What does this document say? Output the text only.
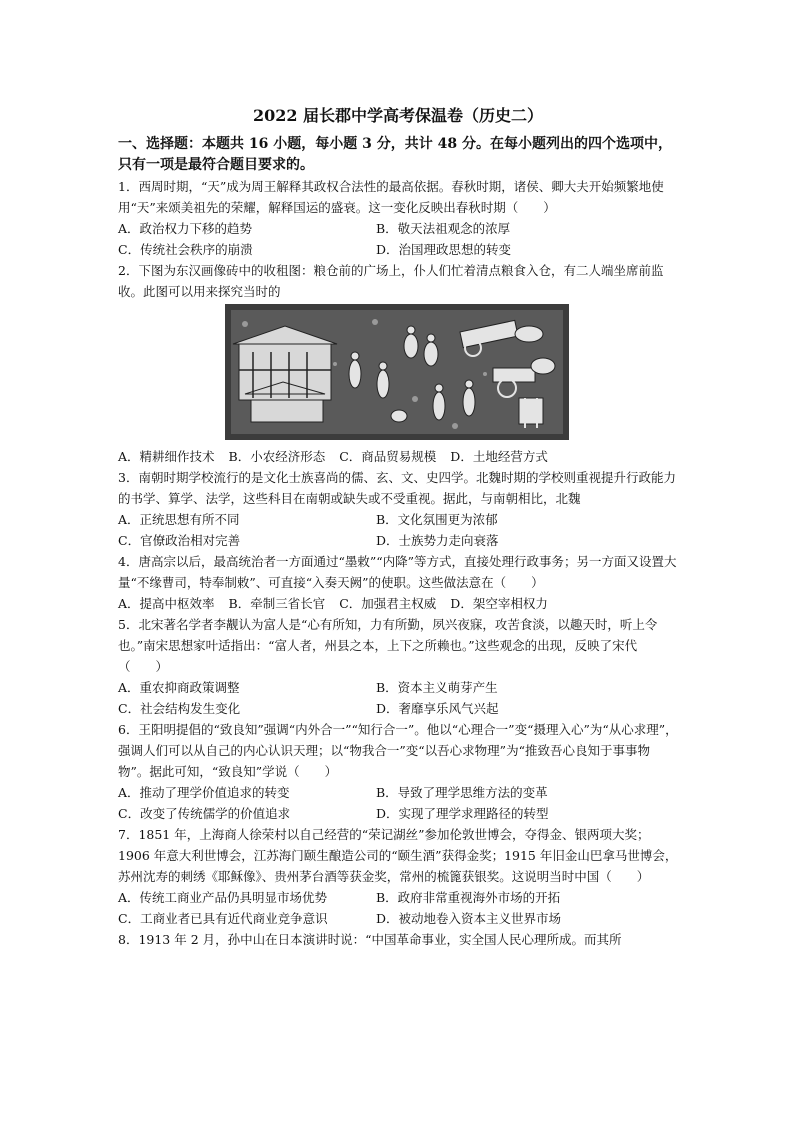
2022 届长郡中学高考保温卷（历史二）

一、选择题：本题共 16 小题，每小题 3 分，共计 48 分。在每小题列出的四个选项中，只有一项是最符合题目要求的。

1．西周时期，“天”成为周王解释其政权合法性的最高依据。春秋时期，诸侯、卿大夫开始频繁地使用“天”来颂美祖先的荣耀，解释国运的盛衰。这一变化反映出春秋时期（　　）

A．政治权力下移的趋势	B．敬天法祖观念的浓厚
C．传统社会秩序的崩溃	D．治国理政思想的转变

2．下图为东汉画像砖中的收租图：粮仓前的广场上，仆人们忙着清点粮食入仓，有二人端坐席前监收。此图可以用来探究当时的

A．精耕细作技术 B．小农经济形态 C．商品贸易规模 D．土地经营方式

3．南朝时期学校流行的是文化士族喜尚的儒、玄、文、史四学。北魏时期的学校则重视提升行政能力的书学、算学、法学，这些科目在南朝或缺失或不受重视。据此，与南朝相比，北魏

A．正统思想有所不同	B．文化氛围更为浓郁
C．官僚政治相对完善	D．士族势力走向衰落

4．唐高宗以后，最高统治者一方面通过“墨敕”“内降”等方式，直接处理行政事务；另一方面又设置大量“不缘曹司，特奉制敕”、可直接“入奏天阙”的使职。这些做法意在（　　）

A．提高中枢效率 B．牵制三省长官 C．加强君主权威 D．架空宰相权力

5．北宋著名学者李觏认为富人是“心有所知，力有所勤，夙兴夜寐，攻苦食淡，以趣天时，听上令也。”南宋思想家叶适指出：“富人者，州县之本，上下之所赖也。”这些观念的出现，反映了宋代（　　）

A．重农抑商政策调整	B．资本主义萌芽产生
C．社会结构发生变化	D．奢靡享乐风气兴起

6．王阳明提倡的“致良知”强调“内外合一”“知行合一”。他以“心理合一”变“摄理入心”为“从心求理”，强调人们可以从自己的内心认识天理；以“物我合一”变“以吾心求物理”为“推致吾心良知于事事物物”。据此可知，“致良知”学说（　　）

A．推动了理学价值追求的转变	B．导致了理学思维方法的变革
C．改变了传统儒学的价值追求	D．实现了理学求理路径的转型

7．1851 年，上海商人徐荣村以自己经营的“荣记湖丝”参加伦敦世博会，夺得金、银两项大奖；1906 年意大利世博会，江苏海门颐生酿造公司的“颐生酒”获得金奖；1915 年旧金山巴拿马世博会，苏州沈寿的刺绣《耶稣像》、贵州茅台酒等获金奖，常州的梳篦获银奖。这说明当时中国（　　）

A．传统工商业产品仍具明显市场优势	B．政府非常重视海外市场的开拓
C．工商业者已具有近代商业竞争意识	D．被动地卷入资本主义世界市场

8．1913 年 2 月，孙中山在日本演讲时说：“中国革命事业，实全国人民心理所成。而其所
